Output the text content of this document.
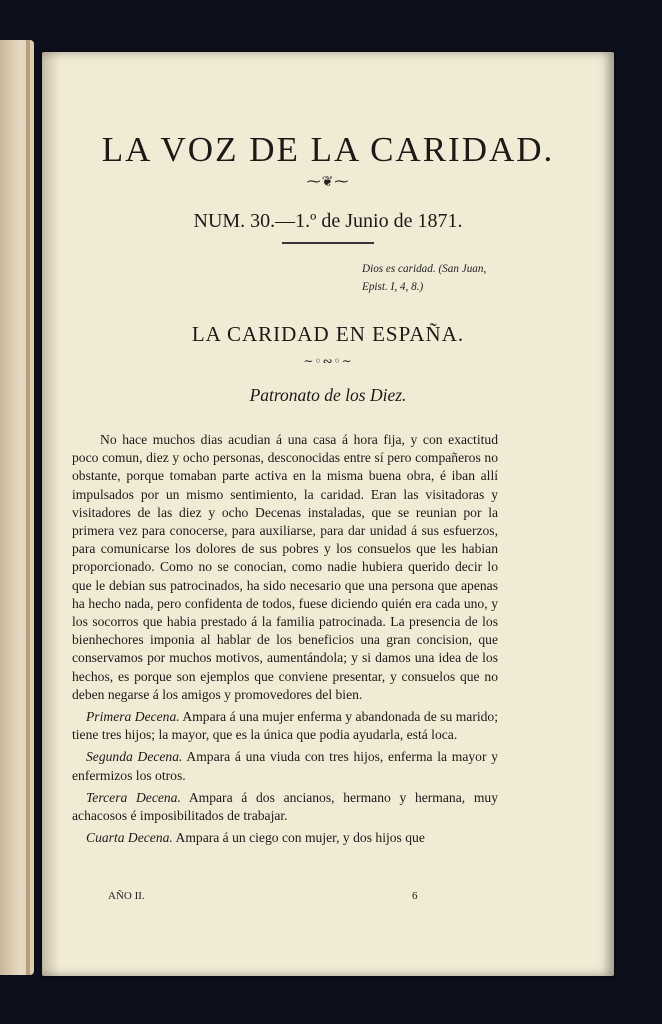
LA VOZ DE LA CARIDAD.
⁓❦⁓
NUM. 30.—1.º de Junio de 1871.
Dios es caridad. (San Juan,
Epist. I, 4, 8.)
LA CARIDAD EN ESPAÑA.
∼◦∾◦∼
Patronato de los Diez.

No hace muchos dias acudian á una casa á hora fija, y con exactitud poco comun, diez y ocho personas, desconocidas entre sí pero compañeros no obstante, porque tomaban parte activa en la misma buena obra, é iban allí impulsados por un mismo sentimiento, la caridad. Eran las visitadoras y visitadores de las diez y ocho Decenas instaladas, que se reunian por la primera vez para conocerse, para auxiliarse, para dar unidad á sus esfuerzos, para comunicarse los dolores de sus pobres y los consuelos que les habian proporcionado. Como no se conocian, como nadie hubiera querido decir lo que le debian sus patrocinados, ha sido necesario que una persona que apenas ha hecho nada, pero confidenta de todos, fuese diciendo quién era cada uno, y los socorros que habia prestado á la familia patrocinada. La presencia de los bienhechores imponia al hablar de los beneficios una gran concision, que conservamos por muchos motivos, aumentándola; y si damos una idea de los hechos, es porque son ejemplos que conviene presentar, y consuelos que no deben negarse á los amigos y promovedores del bien.

Primera Decena. Ampara á una mujer enferma y abandonada de su marido; tiene tres hijos; la mayor, que es la única que podia ayudarla, está loca.

Segunda Decena. Ampara á una viuda con tres hijos, enferma la mayor y enfermizos los otros.

Tercera Decena. Ampara á dos ancianos, hermano y hermana, muy achacosos é imposibilitados de trabajar.

Cuarta Decena. Ampara á un ciego con mujer, y dos hijos que

AÑO II.	6
